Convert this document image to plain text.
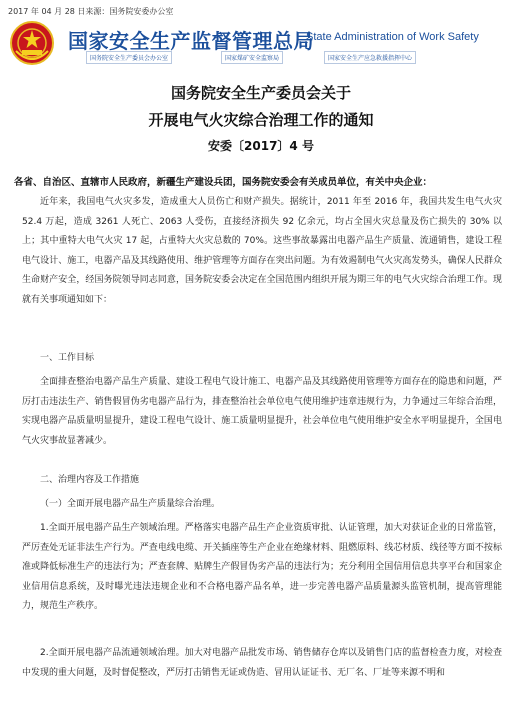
2017 年 04 月 28 日来源：国务院安委办公室
国家安全生产监督管理总局
State Administration of Work Safety
国务院安全生产委员会办公室	国家煤矿安全监察局	国家安全生产应急救援指挥中心
国务院安全生产委员会关于
开展电气火灾综合治理工作的通知
安委〔2017〕4 号
各省、自治区、直辖市人民政府，新疆生产建设兵团，国务院安委会有关成员单位，有关中央企业：

近年来，我国电气火灾多发，造成重大人员伤亡和财产损失。据统计，2011 年至 2016 年，我国共发生电气火灾 52.4 万起，造成 3261 人死亡、2063 人受伤，直接经济损失 92 亿余元，均占全国火灾总量及伤亡损失的 30% 以上；其中重特大电气火灾 17 起，占重特大火灾总数的 70%。这些事故暴露出电器产品生产质量、流通销售，建设工程电气设计、施工，电器产品及其线路使用、维护管理等方面存在突出问题。为有效遏制电气火灾高发势头，确保人民群众生命财产安全，经国务院领导同志同意，国务院安委会决定在全国范围内组织开展为期三年的电气火灾综合治理工作。现就有关事项通知如下：

一、工作目标

全面排查整治电器产品生产质量、建设工程电气设计施工、电器产品及其线路使用管理等方面存在的隐患和问题，严厉打击违法生产、销售假冒伪劣电器产品行为，排查整治社会单位电气使用维护违章违规行为，力争通过三年综合治理，实现电器产品质量明显提升，建设工程电气设计、施工质量明显提升，社会单位电气使用维护安全水平明显提升，全国电气火灾事故显著减少。

二、治理内容及工作措施

（一）全面开展电器产品生产质量综合治理。

1.全面开展电器产品生产领域治理。严格落实电器产品生产企业资质审批、认证管理，加大对获证企业的日常监管，严厉查处无证非法生产行为。严查电线电缆、开关插座等生产企业在绝缘材料、阻燃原料、线芯材质、线径等方面不按标准或降低标准生产的违法行为；严查套牌、贴牌生产假冒伪劣产品的违法行为；充分利用全国信用信息共享平台和国家企业信用信息系统，及时曝光违法违规企业和不合格电器产品名单，进一步完善电器产品质量源头监管机制，提高管理能力，规范生产秩序。

2.全面开展电器产品流通领域治理。加大对电器产品批发市场、销售储存仓库以及销售门店的监督检查力度，对检查中发现的重大问题，及时督促整改，严厉打击销售无证或伪造、冒用认证证书、无厂名、厂址等来源不明和
